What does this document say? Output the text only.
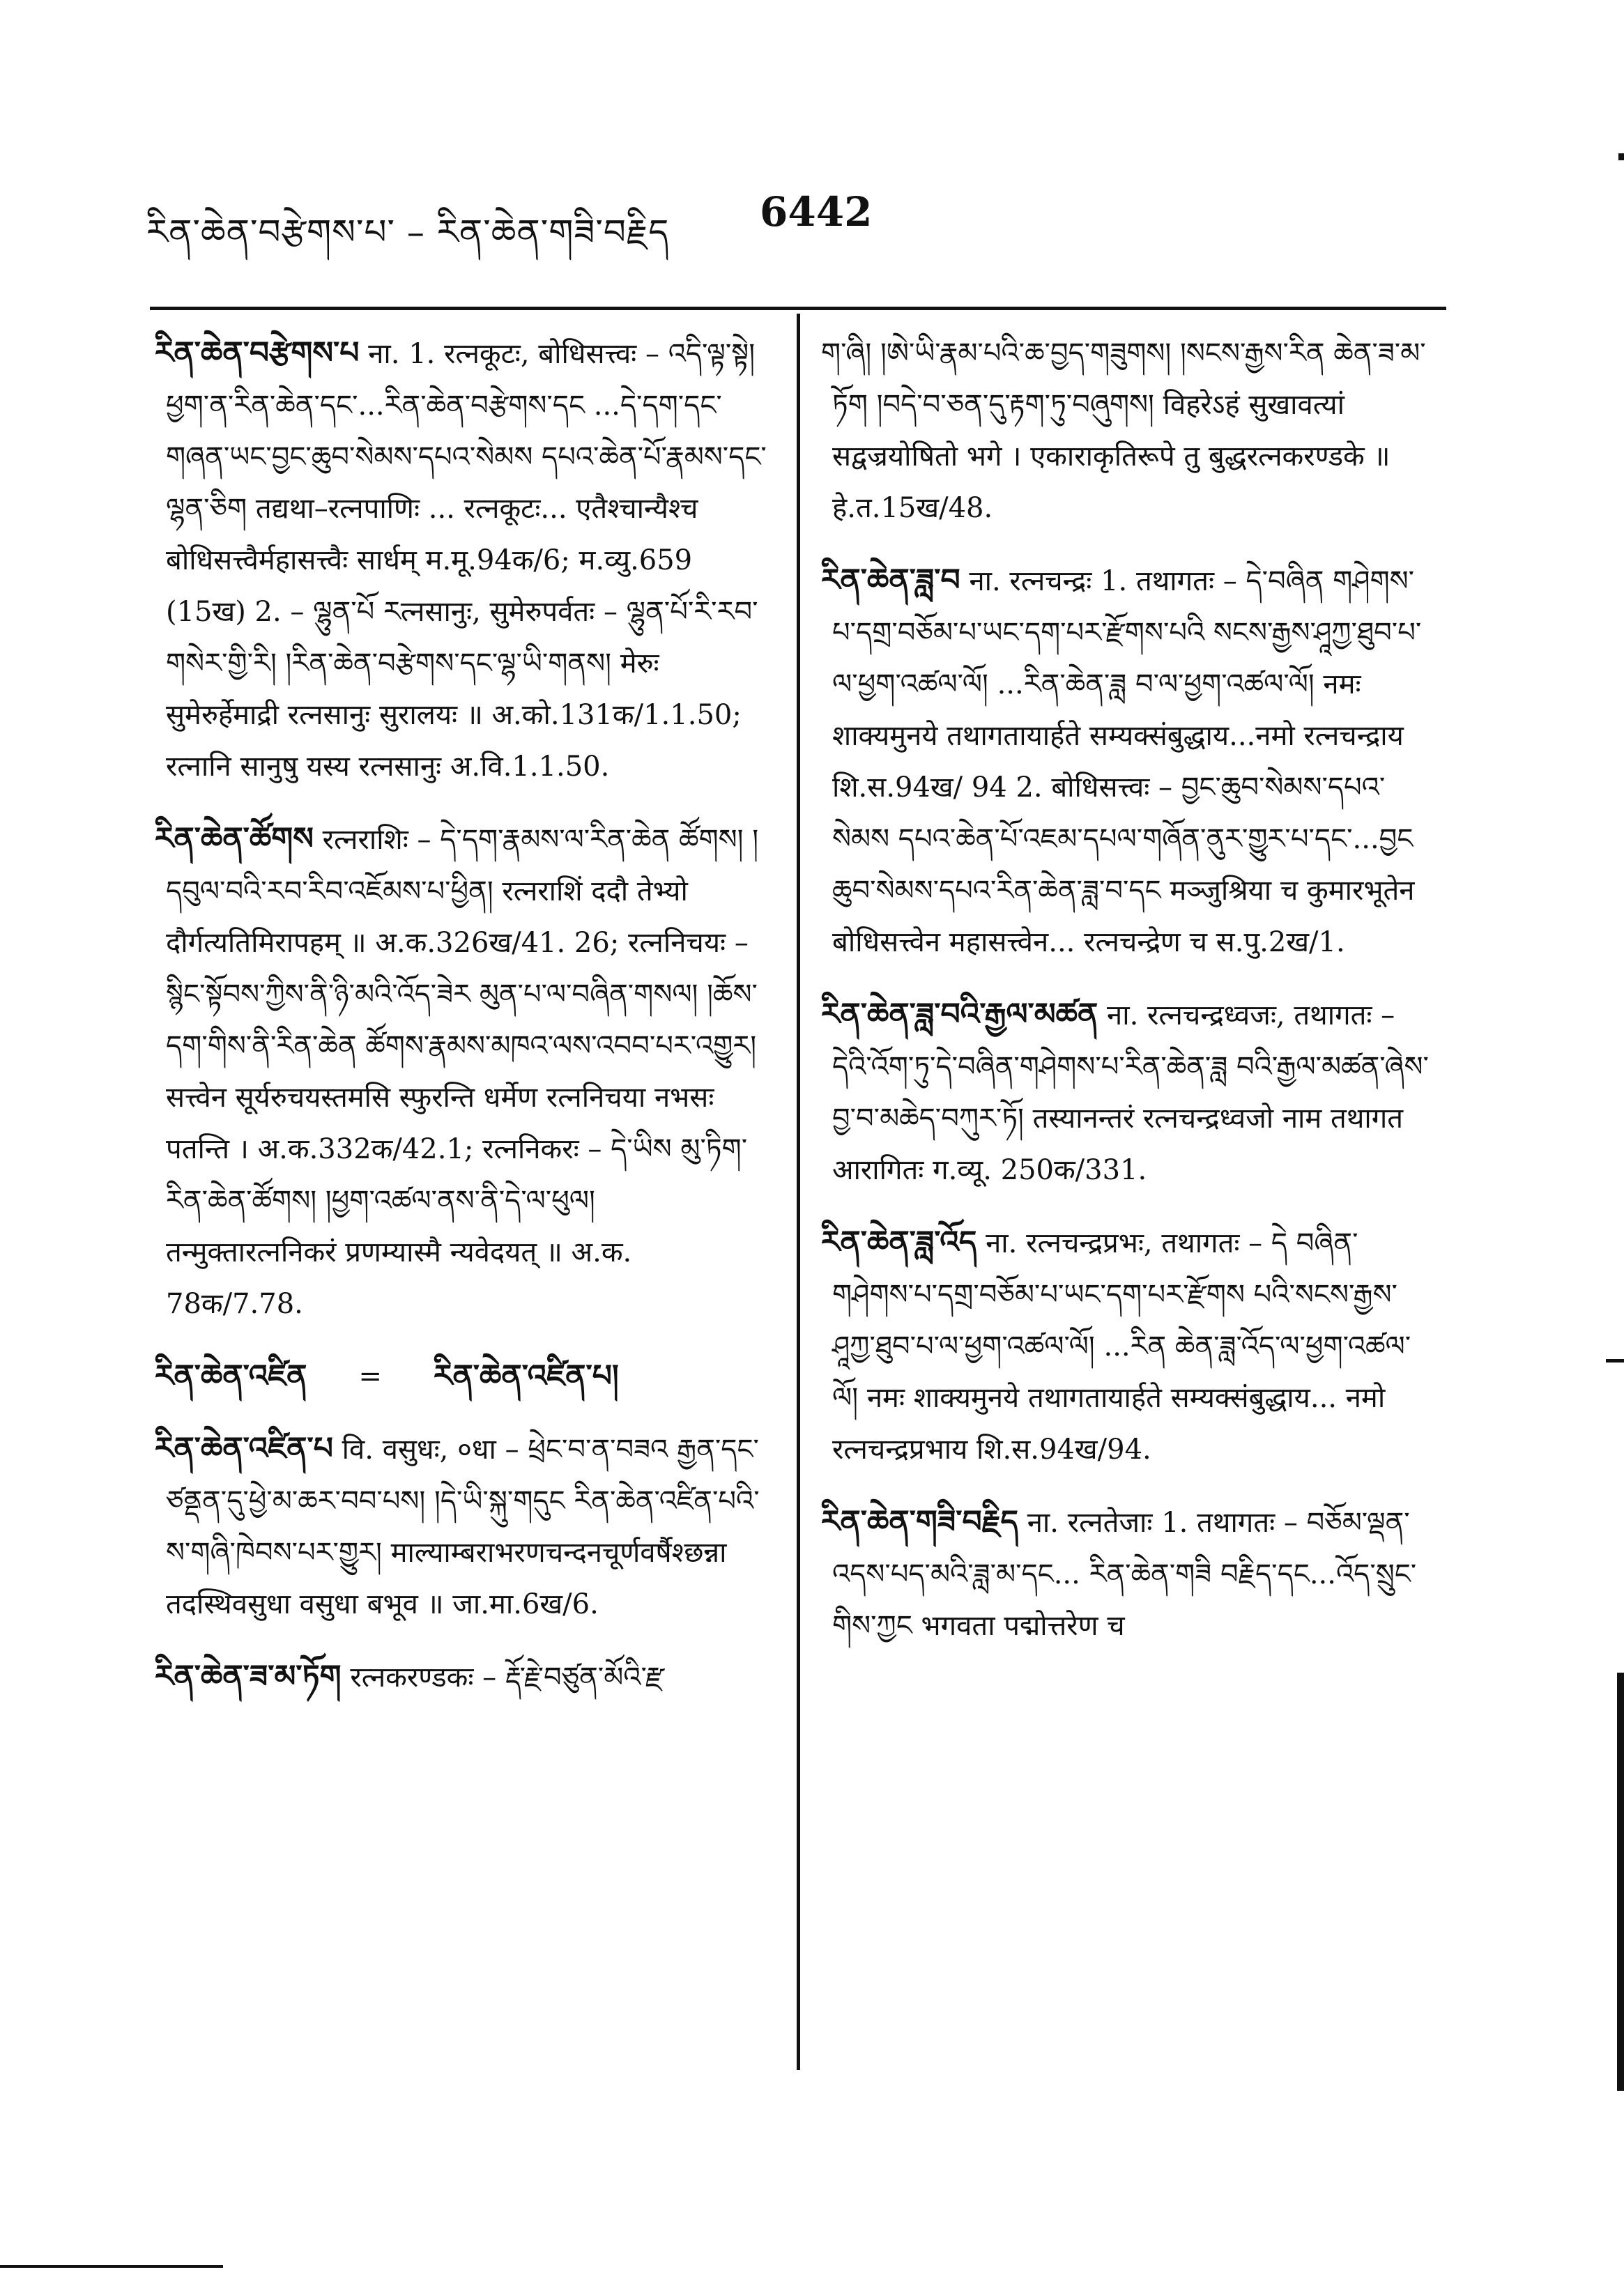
རིན་ཆེན་བརྩེགས་པ་ – རིན་ཆེན་གཟི་བརྗིད 6442

རིན་ཆེན་བརྩེགས་པ ना. 1. रत्नकूटः, बोधिसत्त्वः – འདི་ལྟ་སྟེ། ཕྱག་ན་རིན་ཆེན་དང་...རིན་ཆེན་བརྩེགས་དང ...དེ་དག་དང་གཞན་ཡང་བྱང་ཆུབ་སེམས་དཔའ་སེམས དཔའ་ཆེན་པོ་རྣམས་དང་ལྷན་ཅིག तद्यथा–रत्नपाणिः ... रत्नकूटः... एतैश्चान्यैश्च बोधिसत्त्वैर्महासत्त्वैः सार्धम् म.मू.94क/6; म.व्यु.659 (15ख) 2. – ལྷུན་པོ རत्नसानुः, सुमेरुपर्वतः – ལྷུན་པོ་རི་རབ་གསེར་གྱི་རི། །རིན་ཆེན་བརྩེགས་དང་ལྷ་ཡི་གནས། मेरुः सुमेरुर्हेमाद्री रत्नसानुः सुरालयः ॥ अ.को.131क/1.1.50; रत्नानि सानुषु यस्य रत्नसानुः अ.वि.1.1.50.

རིན་ཆེན་ཚོགས रत्नराशिः – དེ་དག་རྣམས་ལ་རིན་ཆེན ཚོགས། །དབུལ་བའི་རབ་རིབ་འཇོམས་པ་ཕྱིན། रत्नराशिं ददौ तेभ्यो दौर्गत्यतिमिरापहम् ॥ अ.क.326ख/41. 26; रत्ननिचयः – སྙིང་སྟོབས་ཀྱིས་ནི་ཉི་མའི་འོད་ཟེར མུན་པ་ལ་བཞིན་གསལ། །ཆོས་དག་གིས་ནི་རིན་ཆེན ཚོགས་རྣམས་མཁའ་ལས་འབབ་པར་འགྱུར། सत्त्वेन सूर्यरुचयस्तमसि स्फुरन्ति धर्मेण रत्ननिचया नभसः पतन्ति । अ.क.332क/42.1; रत्ननिकरः – དེ་ཡིས མུ་ཏིག་རིན་ཆེན་ཚོགས། །ཕྱག་འཚལ་ནས་ནི་དེ་ལ་ཕུལ། तन्मुक्तारत्ननिकरं प्रणम्यास्मै न्यवेदयत् ॥ अ.क. 78क/7.78.

རིན་ཆེན་འཛིན = རིན་ཆེན་འཛིན་པ།

རིན་ཆེན་འཛིན་པ वि. वसुधः, ०धा – ཕྲེང་བ་ན་བཟའ རྒྱན་དང་ཙནྡན་དུ་ཕྱེ་མ་ཆར་བབ་པས། །དེ་ཡི་སྐུ་གདུང རིན་ཆེན་འཛིན་པའི་ས་གཞི་ཁེབས་པར་གྱུར། माल्याम्बराभरणचन्दनचूर्णवर्षैश्छन्ना तदस्थिवसुधा वसुधा बभूव ॥ जा.मा.6ख/6.

རིན་ཆེན་ཟ་མ་ཏོག रत्नकरण्डकः – རྡོ་རྗེ་བཙུན་མོའི་རྫ

ག་ཞི། །ཨེ་ཡི་རྣམ་པའི་ཆ་བྱད་གཟུགས། །སངས་རྒྱས་རིན ཆེན་ཟ་མ་ཏོག །བདེ་བ་ཅན་དུ་རྟག་ཏུ་བཞུགས། विहरेऽहं सुखावत्यां सद्वज्रयोषितो भगे । एकाराकृतिरूपे तु बुद्धरत्नकरण्डके ॥ हे.त.15ख/48.

རིན་ཆེན་ཟླ་བ ना. रत्नचन्द्रः 1. तथागतः – དེ་བཞིན གཤེགས་པ་དགྲ་བཅོམ་པ་ཡང་དག་པར་རྫོགས་པའི སངས་རྒྱས་ཤཱཀྱ་ཐུབ་པ་ལ་ཕྱག་འཚལ་ལོ། ...རིན་ཆེན་ཟླ བ་ལ་ཕྱག་འཚལ་ལོ། नमः शाक्यमुनये तथागतायार्हते सम्यक्संबुद्धाय...नमो रत्नचन्द्राय शि.स.94ख/ 94 2. बोधिसत्त्वः – བྱང་ཆུབ་སེམས་དཔའ་སེམས དཔའ་ཆེན་པོ་འཇམ་དཔལ་གཞོན་ནུར་གྱུར་པ་དང་...བྱང ཆུབ་སེམས་དཔའ་རིན་ཆེན་ཟླ་བ་དང मञ्जुश्रिया च कुमारभूतेन बोधिसत्त्वेन महासत्त्वेन... रत्नचन्द्रेण च स.पु.2ख/1.

རིན་ཆེན་ཟླ་བའི་རྒྱལ་མཚན ना. रत्नचन्द्रध्वजः, तथागतः – དེའི་འོག་ཏུ་དེ་བཞིན་གཤེགས་པ་རིན་ཆེན་ཟླ བའི་རྒྱལ་མཚན་ཞེས་བྱ་བ་མཆེད་བཀུར་ཏོ། तस्यानन्तरं रत्नचन्द्रध्वजो नाम तथागत आरागितः ग.व्यू. 250क/331.

རིན་ཆེན་ཟླ་འོད ना. रत्नचन्द्रप्रभः, तथागतः – དེ བཞིན་གཤེགས་པ་དགྲ་བཅོམ་པ་ཡང་དག་པར་རྫོགས པའི་སངས་རྒྱས་ཤཱཀྱ་ཐུབ་པ་ལ་ཕྱག་འཚལ་ལོ། ...རིན ཆེན་ཟླ་འོད་ལ་ཕྱག་འཚལ་ལོ། नमः शाक्यमुनये तथागतायार्हते सम्यक्संबुद्धाय... नमो रत्नचन्द्रप्रभाय शि.स.94ख/94.

རིན་ཆེན་གཟི་བརྗིད ना. रत्नतेजाः 1. तथागतः – བཅོམ་ལྡན་འདས་པད་མའི་ཟླ་མ་དང... རིན་ཆེན་གཟི བརྗིད་དང...འོད་སྲུང་གིས་ཀྱང भगवता पद्मोत्तरेण च
